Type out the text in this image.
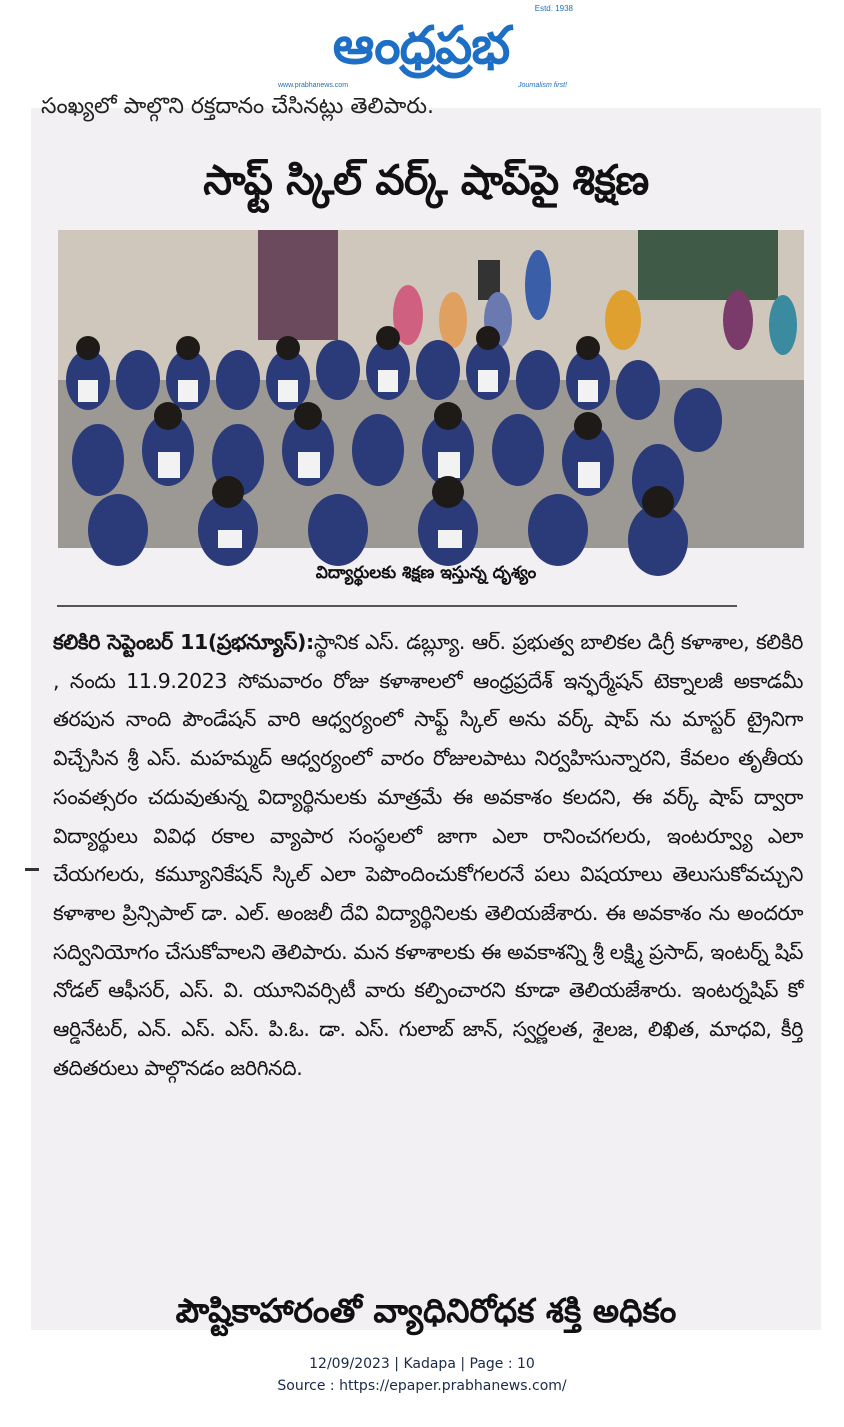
Estd. 1938
ఆంధ్రప్రభ
www.prabhanews.com	Journalism first!
సంఖ్యలో పాల్గొని రక్తదానం చేసినట్లు తెలిపారు.
సాఫ్ట్ స్కిల్ వర్క్ షాప్‌పై శిక్షణ
విద్యార్థులకు శిక్షణ ఇస్తున్న దృశ్యం

కలికిరి సెప్టెంబర్ 11(ప్రభన్యూస్):స్థానిక ఎస్. డబ్ల్యూ. ఆర్. ప్రభుత్వ బాలికల డిగ్రీ కళాశాల, కలికిరి , నందు 11.9.2023 సోమవారం రోజు కళాశాలలో ఆంధ్రప్రదేశ్ ఇన్ఫర్మేషన్ టెక్నాలజీ అకాడమీ తరపున నాంది పౌండేషన్ వారి ఆధ్వర్యంలో సాఫ్ట్ స్కిల్ అను వర్క్ షాప్ ను మాస్టర్ ట్రైనిగా విచ్చేసిన శ్రీ ఎస్. మహమ్మద్ ఆధ్వర్యంలో వారం రోజులపాటు నిర్వహిసున్నారని, కేవలం తృతీయ సంవత్సరం చదువుతున్న విద్యార్థినులకు మాత్రమే ఈ అవకాశం కలదని, ఈ వర్క్ షాప్ ద్వారా విద్యార్థులు వివిధ రకాల వ్యాపార సంస్థలలో జాగా ఎలా రానించగలరు, ఇంటర్వ్యూ ఎలా చేయగలరు, కమ్యూనికేషన్ స్కిల్ ఎలా పెపొందించుకోగలరనే పలు విషయాలు తెలుసుకోవచ్చుని కళాశాల ప్రిన్సిపాల్ డా. ఎల్. అంజలీ దేవి విద్యార్థినిలకు తెలియజేశారు. ఈ అవకాశం ను అందరూ సద్వినియోగం చేసుకోవాలని తెలిపారు. మన కళాశాలకు ఈ అవకాశన్ని శ్రీ లక్ష్మి ప్రసాద్, ఇంటర్న్ షిప్ నోడల్ ఆఫీసర్, ఎస్. వి. యూనివర్సిటీ వారు కల్పించారని కూడా తెలియజేశారు. ఇంటర్నషిప్ కో ఆర్డినేటర్, ఎన్. ఎస్. ఎస్. పి.ఓ. డా. ఎస్. గులాబ్ జాన్, స్వర్ణలత, శైలజ, లిఖిత, మాధవి, కీర్తి తదితరులు పాల్గొనడం జరిగినది.

పౌష్టికాహారంతో వ్యాధినిరోధక శక్తి అధికం
12/09/2023 | Kadapa | Page : 10
Source : https://epaper.prabhanews.com/
